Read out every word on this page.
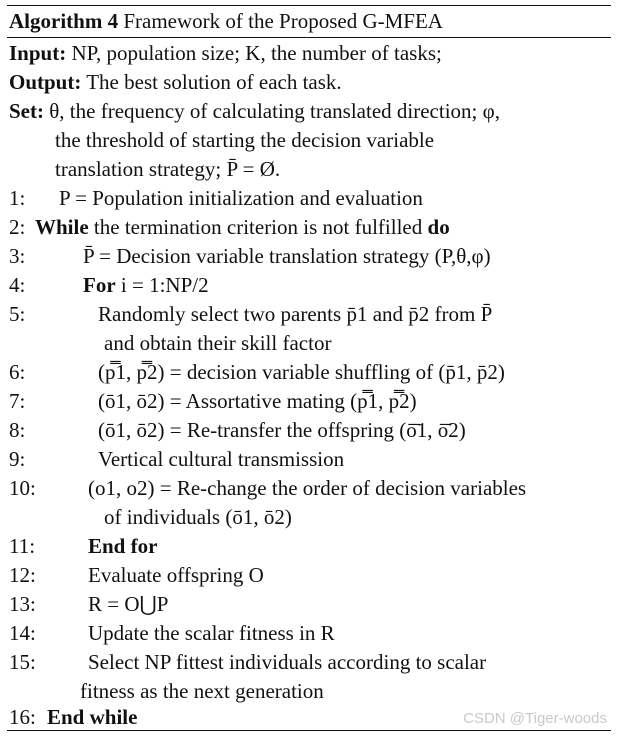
Algorithm 4 Framework of the Proposed G-MFEA
Input: NP, population size; K, the number of tasks;
Output: The best solution of each task.
Set: θ, the frequency of calculating translated direction; φ,
the threshold of starting the decision variable
translation strategy; P̄ = Ø.
1: P = Population initialization and evaluation
2: While the termination criterion is not fulfilled do
3:	P̄ = Decision variable translation strategy (P,θ,φ)
4:	For i = 1:NP/2
5:	Randomly select two parents p̄1 and p̄2 from P̄
and obtain their skill factor
6:	(p̿1, p̿2) = decision variable shuffling of (p̄1, p̄2)
7:	(ō1, ō2) = Assortative mating (p̿1, p̿2)
8:	(ō1, ō2) = Re-transfer the offspring (ō̄1, ō̄2)
9:	Vertical cultural transmission
10: (o1, o2) = Re-change the order of decision variables
of individuals (ō1, ō2)
11:	End for
12: Evaluate offspring O
13: R = O⋃P
14: Update the scalar fitness in R
15: Select NP fittest individuals according to scalar
fitness as the next generation
16: End while	CSDN @Tiger-woods
